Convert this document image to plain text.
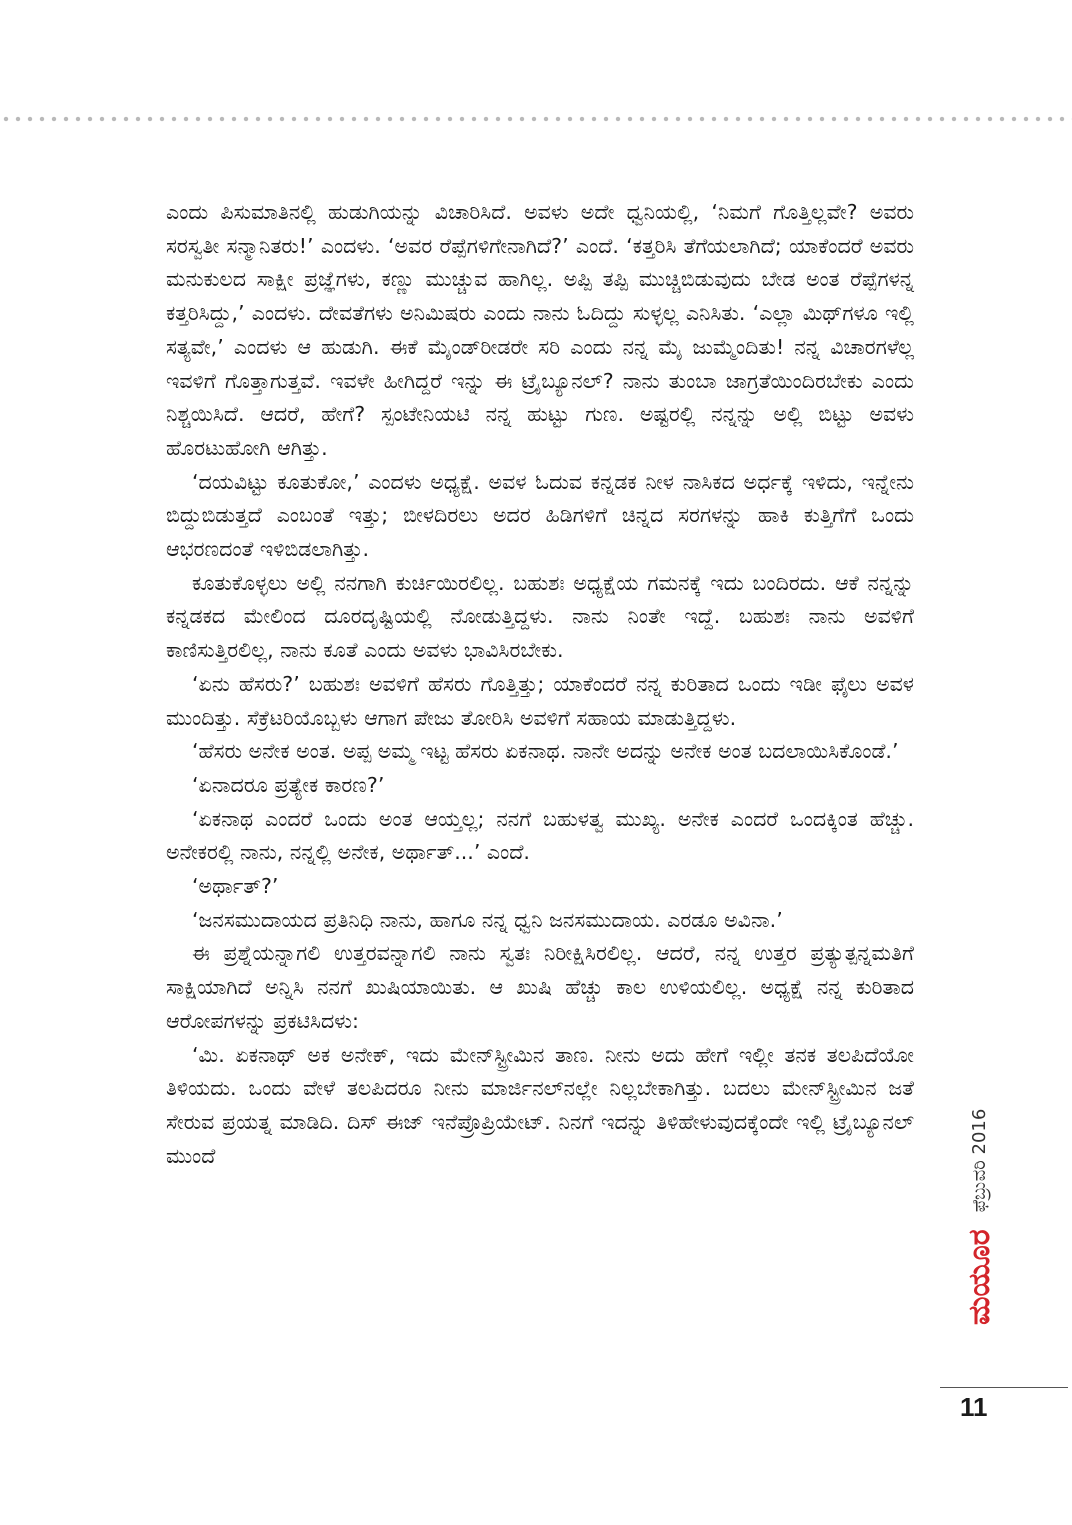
ಎಂದು ಪಿಸುಮಾತಿನಲ್ಲಿ ಹುಡುಗಿಯನ್ನು ವಿಚಾರಿಸಿದೆ. ಅವಳು ಅದೇ ಧ್ವನಿಯಲ್ಲಿ, ‘ನಿಮಗೆ ಗೊತ್ತಿಲ್ಲವೇ? ಅವರು ಸರಸ್ವತೀ ಸನ್ಮಾನಿತರು!’ ಎಂದಳು. ‘ಅವರ ರೆಪ್ಪೆಗಳಿಗೇನಾಗಿದೆ?’ ಎಂದೆ. ‘ಕತ್ತರಿಸಿ ತೆಗೆಯಲಾಗಿದೆ; ಯಾಕೆಂದರೆ ಅವರು ಮನುಕುಲದ ಸಾಕ್ಷೀ ಪ್ರಜ್ಞೆಗಳು, ಕಣ್ಣು ಮುಚ್ಚುವ ಹಾಗಿಲ್ಲ. ಅಪ್ಪಿ ತಪ್ಪಿ ಮುಚ್ಚಿಬಿಡುವುದು ಬೇಡ ಅಂತ ರೆಪ್ಪೆಗಳನ್ನ ಕತ್ತರಿಸಿದ್ದು,’ ಎಂದಳು. ದೇವತೆಗಳು ಅನಿಮಿಷರು ಎಂದು ನಾನು ಓದಿದ್ದು ಸುಳ್ಳಲ್ಲ ಎನಿಸಿತು. ‘ಎಲ್ಲಾ ಮಿಥ್‌ಗಳೂ ಇಲ್ಲಿ ಸತ್ಯವೇ,’ ಎಂದಳು ಆ ಹುಡುಗಿ. ಈಕೆ ಮೈಂಡ್‌ರೀಡರೇ ಸರಿ ಎಂದು ನನ್ನ ಮೈ ಜುಮ್ಮೆಂದಿತು! ನನ್ನ ವಿಚಾರಗಳೆಲ್ಲ ಇವಳಿಗೆ ಗೊತ್ತಾಗುತ್ತವೆ. ಇವಳೇ ಹೀಗಿದ್ದರೆ ಇನ್ನು ಈ ಟ್ರೈಬ್ಯೂನಲ್? ನಾನು ತುಂಬಾ ಜಾಗ್ರತೆಯಿಂದಿರಬೇಕು ಎಂದು ನಿಶ್ಚಯಿಸಿದೆ. ಆದರೆ, ಹೇಗೆ? ಸ್ಪಂಟೇನಿಯಟಿ ನನ್ನ ಹುಟ್ಟು ಗುಣ. ಅಷ್ಟರಲ್ಲಿ ನನ್ನನ್ನು ಅಲ್ಲಿ ಬಿಟ್ಟು ಅವಳು ಹೊರಟುಹೋಗಿ ಆಗಿತ್ತು.

‘ದಯವಿಟ್ಟು ಕೂತುಕೋ,’ ಎಂದಳು ಅಧ್ಯಕ್ಷೆ. ಅವಳ ಓದುವ ಕನ್ನಡಕ ನೀಳ ನಾಸಿಕದ ಅರ್ಧಕ್ಕೆ ಇಳಿದು, ಇನ್ನೇನು ಬಿದ್ದುಬಿಡುತ್ತದೆ ಎಂಬಂತೆ ಇತ್ತು; ಬೀಳದಿರಲು ಅದರ ಹಿಡಿಗಳಿಗೆ ಚಿನ್ನದ ಸರಗಳನ್ನು ಹಾಕಿ ಕುತ್ತಿಗೆಗೆ ಒಂದು ಆಭರಣದಂತೆ ಇಳಿಬಿಡಲಾಗಿತ್ತು.

ಕೂತುಕೊಳ್ಳಲು ಅಲ್ಲಿ ನನಗಾಗಿ ಕುರ್ಚಿಯಿರಲಿಲ್ಲ. ಬಹುಶಃ ಅಧ್ಯಕ್ಷೆಯ ಗಮನಕ್ಕೆ ಇದು ಬಂದಿರದು. ಆಕೆ ನನ್ನನ್ನು ಕನ್ನಡಕದ ಮೇಲಿಂದ ದೂರದೃಷ್ಟಿಯಲ್ಲಿ ನೋಡುತ್ತಿದ್ದಳು. ನಾನು ನಿಂತೇ ಇದ್ದೆ. ಬಹುಶಃ ನಾನು ಅವಳಿಗೆ ಕಾಣಿಸುತ್ತಿರಲಿಲ್ಲ, ನಾನು ಕೂತೆ ಎಂದು ಅವಳು ಭಾವಿಸಿರಬೇಕು.

‘ಏನು ಹೆಸರು?’ ಬಹುಶಃ ಅವಳಿಗೆ ಹೆಸರು ಗೊತ್ತಿತ್ತು; ಯಾಕೆಂದರೆ ನನ್ನ ಕುರಿತಾದ ಒಂದು ಇಡೀ ಫೈಲು ಅವಳ ಮುಂದಿತ್ತು. ಸೆಕ್ರೆಟರಿಯೊಬ್ಬಳು ಆಗಾಗ ಪೇಜು ತೋರಿಸಿ ಅವಳಿಗೆ ಸಹಾಯ ಮಾಡುತ್ತಿದ್ದಳು.

‘ಹೆಸರು ಅನೇಕ ಅಂತ. ಅಪ್ಪ ಅಮ್ಮ ಇಟ್ಟ ಹೆಸರು ಏಕನಾಥ. ನಾನೇ ಅದನ್ನು ಅನೇಕ ಅಂತ ಬದಲಾಯಿಸಿಕೊಂಡೆ.’

‘ಏನಾದರೂ ಪ್ರತ್ಯೇಕ ಕಾರಣ?’

‘ಏಕನಾಥ ಎಂದರೆ ಒಂದು ಅಂತ ಆಯ್ತಲ್ಲ; ನನಗೆ ಬಹುಳತ್ವ ಮುಖ್ಯ. ಅನೇಕ ಎಂದರೆ ಒಂದಕ್ಕಿಂತ ಹೆಚ್ಚು. ಅನೇಕರಲ್ಲಿ ನಾನು, ನನ್ನಲ್ಲಿ ಅನೇಕ, ಅರ್ಥಾತ್...’ ಎಂದೆ.

‘ಅರ್ಥಾತ್?’

‘ಜನಸಮುದಾಯದ ಪ್ರತಿನಿಧಿ ನಾನು, ಹಾಗೂ ನನ್ನ ಧ್ವನಿ ಜನಸಮುದಾಯ. ಎರಡೂ ಅವಿನಾ.’

ಈ ಪ್ರಶ್ನೆಯನ್ನಾಗಲಿ ಉತ್ತರವನ್ನಾಗಲಿ ನಾನು ಸ್ವತಃ ನಿರೀಕ್ಷಿಸಿರಲಿಲ್ಲ. ಆದರೆ, ನನ್ನ ಉತ್ತರ ಪ್ರತ್ಯುತ್ಪನ್ನಮತಿಗೆ ಸಾಕ್ಷಿಯಾಗಿದೆ ಅನ್ನಿಸಿ ನನಗೆ ಖುಷಿಯಾಯಿತು. ಆ ಖುಷಿ ಹೆಚ್ಚು ಕಾಲ ಉಳಿಯಲಿಲ್ಲ. ಅಧ್ಯಕ್ಷೆ ನನ್ನ ಕುರಿತಾದ ಆರೋಪಗಳನ್ನು ಪ್ರಕಟಿಸಿದಳು:

‘ಮಿ. ಏಕನಾಥ್ ಅಕ ಅನೇಕ್, ಇದು ಮೇನ್‌ಸ್ಟ್ರೀಮಿನ ತಾಣ. ನೀನು ಅದು ಹೇಗೆ ಇಲ್ಲೀ ತನಕ ತಲಪಿದೆಯೋ ತಿಳಿಯದು. ಒಂದು ವೇಳೆ ತಲಪಿದರೂ ನೀನು ಮಾರ್ಜಿನಲ್‌ನಲ್ಲೇ ನಿಲ್ಲಬೇಕಾಗಿತ್ತು. ಬದಲು ಮೇನ್‌ಸ್ಟ್ರೀಮಿನ ಜತೆ ಸೇರುವ ಪ್ರಯತ್ನ ಮಾಡಿದಿ. ದಿಸ್ ಈಜ್ ಇನೆಪ್ರೊಪ್ರಿಯೇಟ್. ನಿನಗೆ ಇದನ್ನು ತಿಳಿಹೇಳುವುದಕ್ಕೆಂದೇ ಇಲ್ಲಿ ಟ್ರೈಬ್ಯೂನಲ್ ಮುಂದೆ

ಮಯೂರ ಫೆಬ್ರುವರಿ 2016
11
